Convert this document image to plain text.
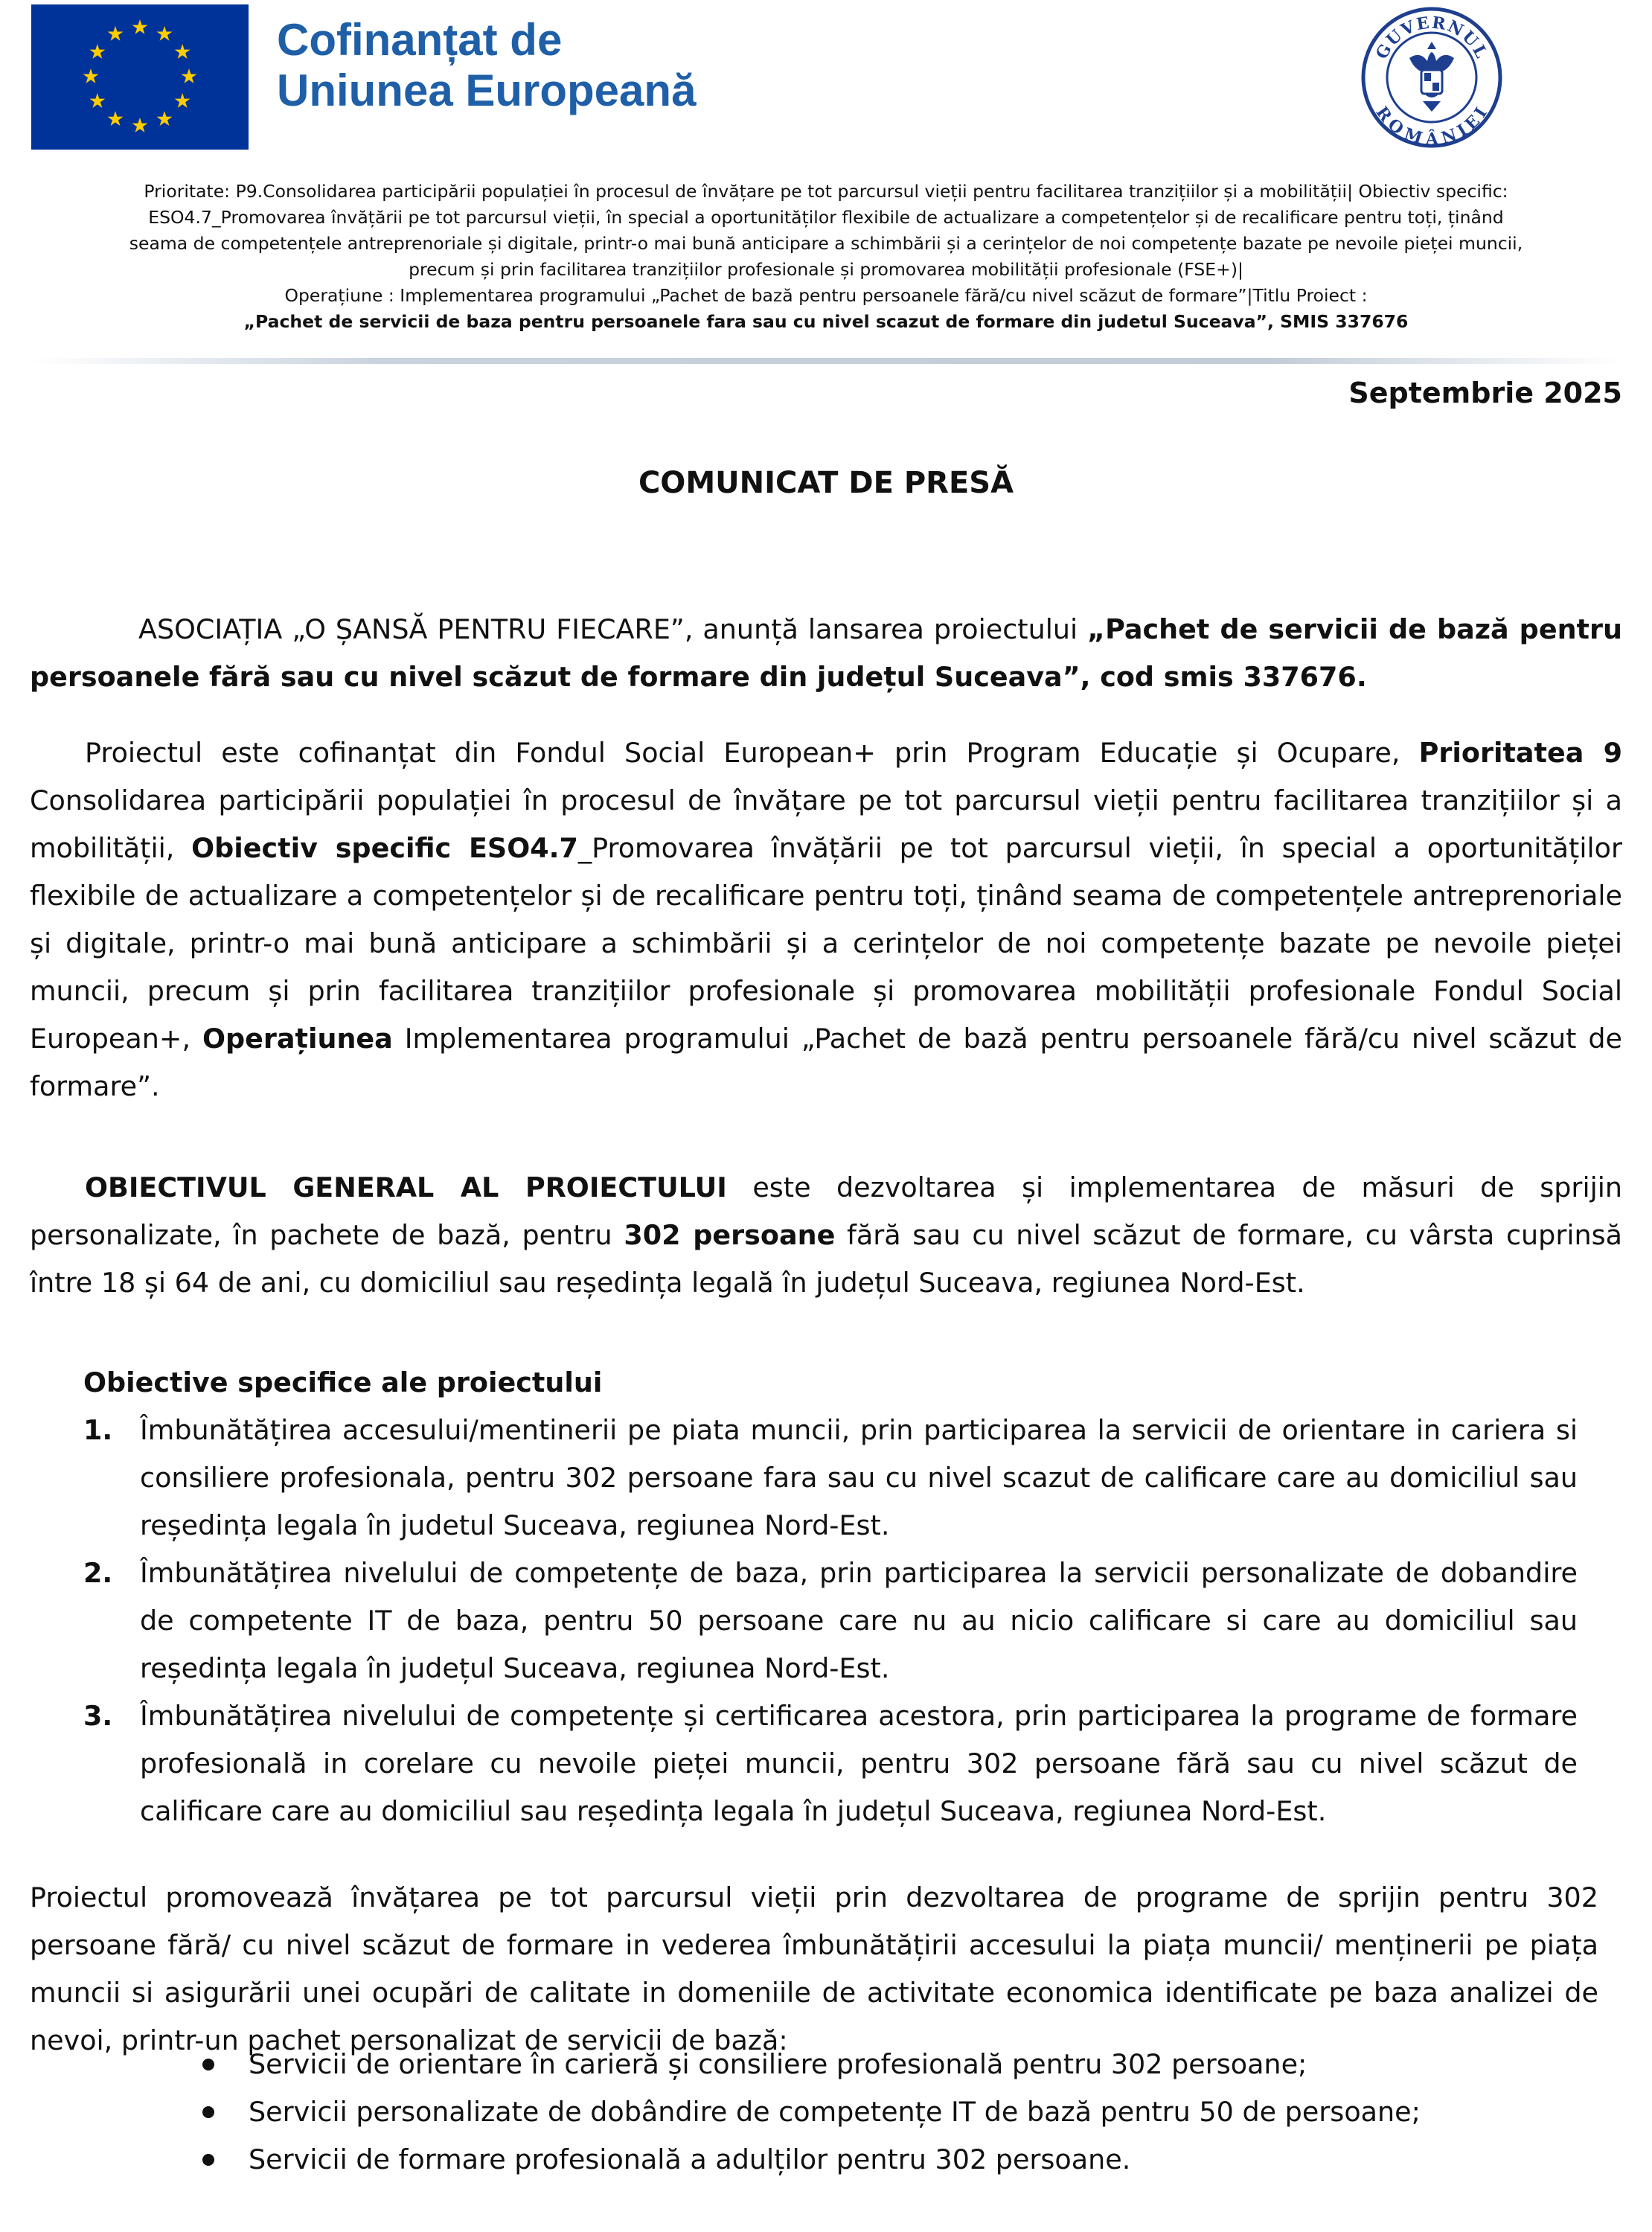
Cofinanțat de
Uniunea Europeană
GUVERNUL
ROMÂNIEI
Prioritate: P9.Consolidarea participării populației în procesul de învățare pe tot parcursul vieții pentru facilitarea tranzițiilor și a mobilității| Obiectiv specific:
ESO4.7_Promovarea învățării pe tot parcursul vieții, în special a oportunităților flexibile de actualizare a competențelor și de recalificare pentru toți, ținând
seama de competențele antreprenoriale și digitale, printr-o mai bună anticipare a schimbării și a cerințelor de noi competențe bazate pe nevoile pieței muncii,
precum și prin facilitarea tranzițiilor profesionale și promovarea mobilității profesionale (FSE+)|
Operațiune : Implementarea programului „Pachet de bază pentru persoanele fără/cu nivel scăzut de formare”|Titlu Proiect :
„Pachet de servicii de baza pentru persoanele fara sau cu nivel scazut de formare din judetul Suceava”, SMIS 337676
Septembrie 2025
COMUNICAT DE PRESĂ

ASOCIAȚIA „O ȘANSĂ PENTRU FIECARE”, anunță lansarea proiectului „Pachet de servicii de bază pentru persoanele fără sau cu nivel scăzut de formare din județul Suceava”, cod smis 337676.

Proiectul este cofinanțat din Fondul Social European+ prin Program Educație și Ocupare, Prioritatea 9 Consolidarea participării populației în procesul de învățare pe tot parcursul vieții pentru facilitarea tranzițiilor și a mobilității, Obiectiv specific ESO4.7_Promovarea învățării pe tot parcursul vieții, în special a oportunităților flexibile de actualizare a competențelor și de recalificare pentru toți, ținând seama de competențele antreprenoriale și digitale, printr-o mai bună anticipare a schimbării și a cerințelor de noi competențe bazate pe nevoile pieței muncii, precum și prin facilitarea tranzițiilor profesionale și promovarea mobilității profesionale Fondul Social European+, Operațiunea Implementarea programului „Pachet de bază pentru persoanele fără/cu nivel scăzut de formare”.

OBIECTIVUL GENERAL AL PROIECTULUI este dezvoltarea și implementarea de măsuri de sprijin personalizate, în pachete de bază, pentru 302 persoane fără sau cu nivel scăzut de formare, cu vârsta cuprinsă între 18 și 64 de ani, cu domiciliul sau reședința legală în județul Suceava, regiunea Nord-Est.

Obiective specifice ale proiectului
1. Îmbunătățirea accesului/mentinerii pe piata muncii, prin participarea la servicii de orientare in cariera si consiliere profesionala, pentru 302 persoane fara sau cu nivel scazut de calificare care au domiciliul sau reședința legala în judetul Suceava, regiunea Nord-Est.
2. Îmbunătățirea nivelului de competențe de baza, prin participarea la servicii personalizate de dobandire de competente IT de baza, pentru 50 persoane care nu au nicio calificare si care au domiciliul sau reședința legala în județul Suceava, regiunea Nord-Est.
3. Îmbunătățirea nivelului de competențe și certificarea acestora, prin participarea la programe de formare profesională in corelare cu nevoile pieței muncii, pentru 302 persoane fără sau cu nivel scăzut de calificare care au domiciliul sau reședința legala în județul Suceava, regiunea Nord-Est.

Proiectul promovează învățarea pe tot parcursul vieții prin dezvoltarea de programe de sprijin pentru 302 persoane fără/ cu nivel scăzut de formare in vederea îmbunătățirii accesului la piața muncii/ menținerii pe piața muncii si asigurării unei ocupări de calitate in domeniile de activitate economica identificate pe baza analizei de nevoi, printr-un pachet personalizat de servicii de bază:

Servicii de orientare în carieră și consiliere profesională pentru 302 persoane;
Servicii personalizate de dobândire de competențe IT de bază pentru 50 de persoane;
Servicii de formare profesională a adulților pentru 302 persoane.
